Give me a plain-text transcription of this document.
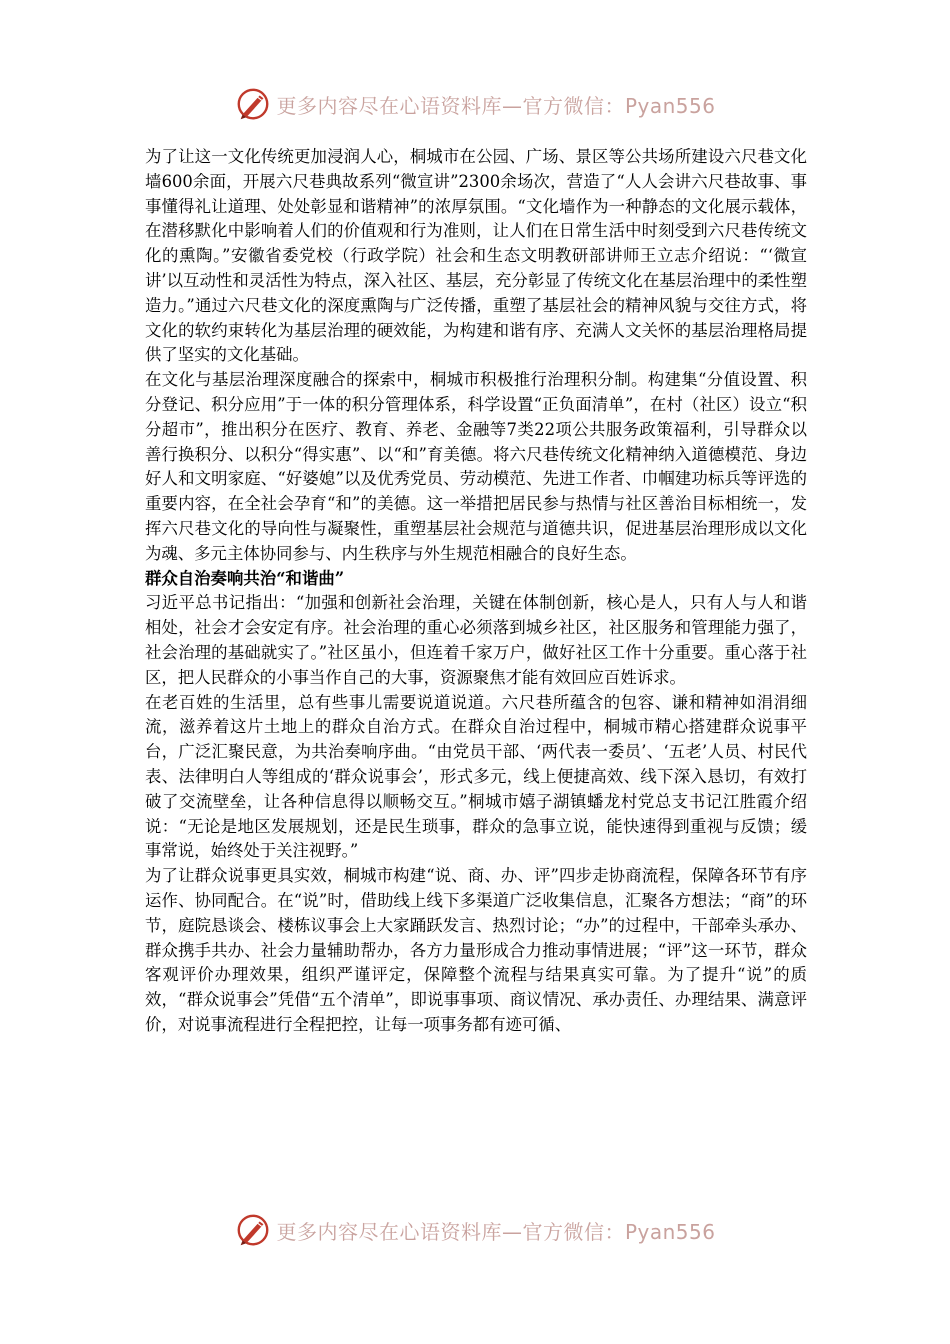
更多内容尽在心语资料库—官方微信：Pyan556

为了让这一文化传统更加浸润人心，桐城市在公园、广场、景区等公共场所建设六尺巷文化墙600余面，开展六尺巷典故系列“微宣讲”2300余场次，营造了“人人会讲六尺巷故事、事事懂得礼让道理、处处彰显和谐精神”的浓厚氛围。“文化墙作为一种静态的文化展示载体，在潜移默化中影响着人们的价值观和行为准则，让人们在日常生活中时刻受到六尺巷传统文化的熏陶。”安徽省委党校（行政学院）社会和生态文明教研部讲师王立志介绍说：“‘微宣讲’以互动性和灵活性为特点，深入社区、基层，充分彰显了传统文化在基层治理中的柔性塑造力。”通过六尺巷文化的深度熏陶与广泛传播，重塑了基层社会的精神风貌与交往方式，将文化的软约束转化为基层治理的硬效能，为构建和谐有序、充满人文关怀的基层治理格局提供了坚实的文化基础。

在文化与基层治理深度融合的探索中，桐城市积极推行治理积分制。构建集“分值设置、积分登记、积分应用”于一体的积分管理体系，科学设置“正负面清单”，在村（社区）设立“积分超市”，推出积分在医疗、教育、养老、金融等7类22项公共服务政策福利，引导群众以善行换积分、以积分“得实惠”、以“和”育美德。将六尺巷传统文化精神纳入道德模范、身边好人和文明家庭、“好婆媳”以及优秀党员、劳动模范、先进工作者、巾帼建功标兵等评选的重要内容，在全社会孕育“和”的美德。这一举措把居民参与热情与社区善治目标相统一，发挥六尺巷文化的导向性与凝聚性，重塑基层社会规范与道德共识，促进基层治理形成以文化为魂、多元主体协同参与、内生秩序与外生规范相融合的良好生态。

群众自治奏响共治“和谐曲”

习近平总书记指出：“加强和创新社会治理，关键在体制创新，核心是人，只有人与人和谐相处，社会才会安定有序。社会治理的重心必须落到城乡社区，社区服务和管理能力强了，社会治理的基础就实了。”社区虽小，但连着千家万户，做好社区工作十分重要。重心落于社区，把人民群众的小事当作自己的大事，资源聚焦才能有效回应百姓诉求。

在老百姓的生活里，总有些事儿需要说道说道。六尺巷所蕴含的包容、谦和精神如涓涓细流，滋养着这片土地上的群众自治方式。在群众自治过程中，桐城市精心搭建群众说事平台，广泛汇聚民意，为共治奏响序曲。“由党员干部、‘两代表一委员’、‘五老’人员、村民代表、法律明白人等组成的‘群众说事会’，形式多元，线上便捷高效、线下深入恳切，有效打破了交流壁垒，让各种信息得以顺畅交互。”桐城市嬉子湖镇蟠龙村党总支书记江胜霞介绍说：“无论是地区发展规划，还是民生琐事，群众的急事立说，能快速得到重视与反馈；缓事常说，始终处于关注视野。”

为了让群众说事更具实效，桐城市构建“说、商、办、评”四步走协商流程，保障各环节有序运作、协同配合。在“说”时，借助线上线下多渠道广泛收集信息，汇聚各方想法；“商”的环节，庭院恳谈会、楼栋议事会上大家踊跃发言、热烈讨论；“办”的过程中，干部牵头承办、群众携手共办、社会力量辅助帮办，各方力量形成合力推动事情进展；“评”这一环节，群众客观评价办理效果，组织严谨评定，保障整个流程与结果真实可靠。为了提升“说”的质效，“群众说事会”凭借“五个清单”，即说事事项、商议情况、承办责任、办理结果、满意评价，对说事流程进行全程把控，让每一项事务都有迹可循、

更多内容尽在心语资料库—官方微信：Pyan556
